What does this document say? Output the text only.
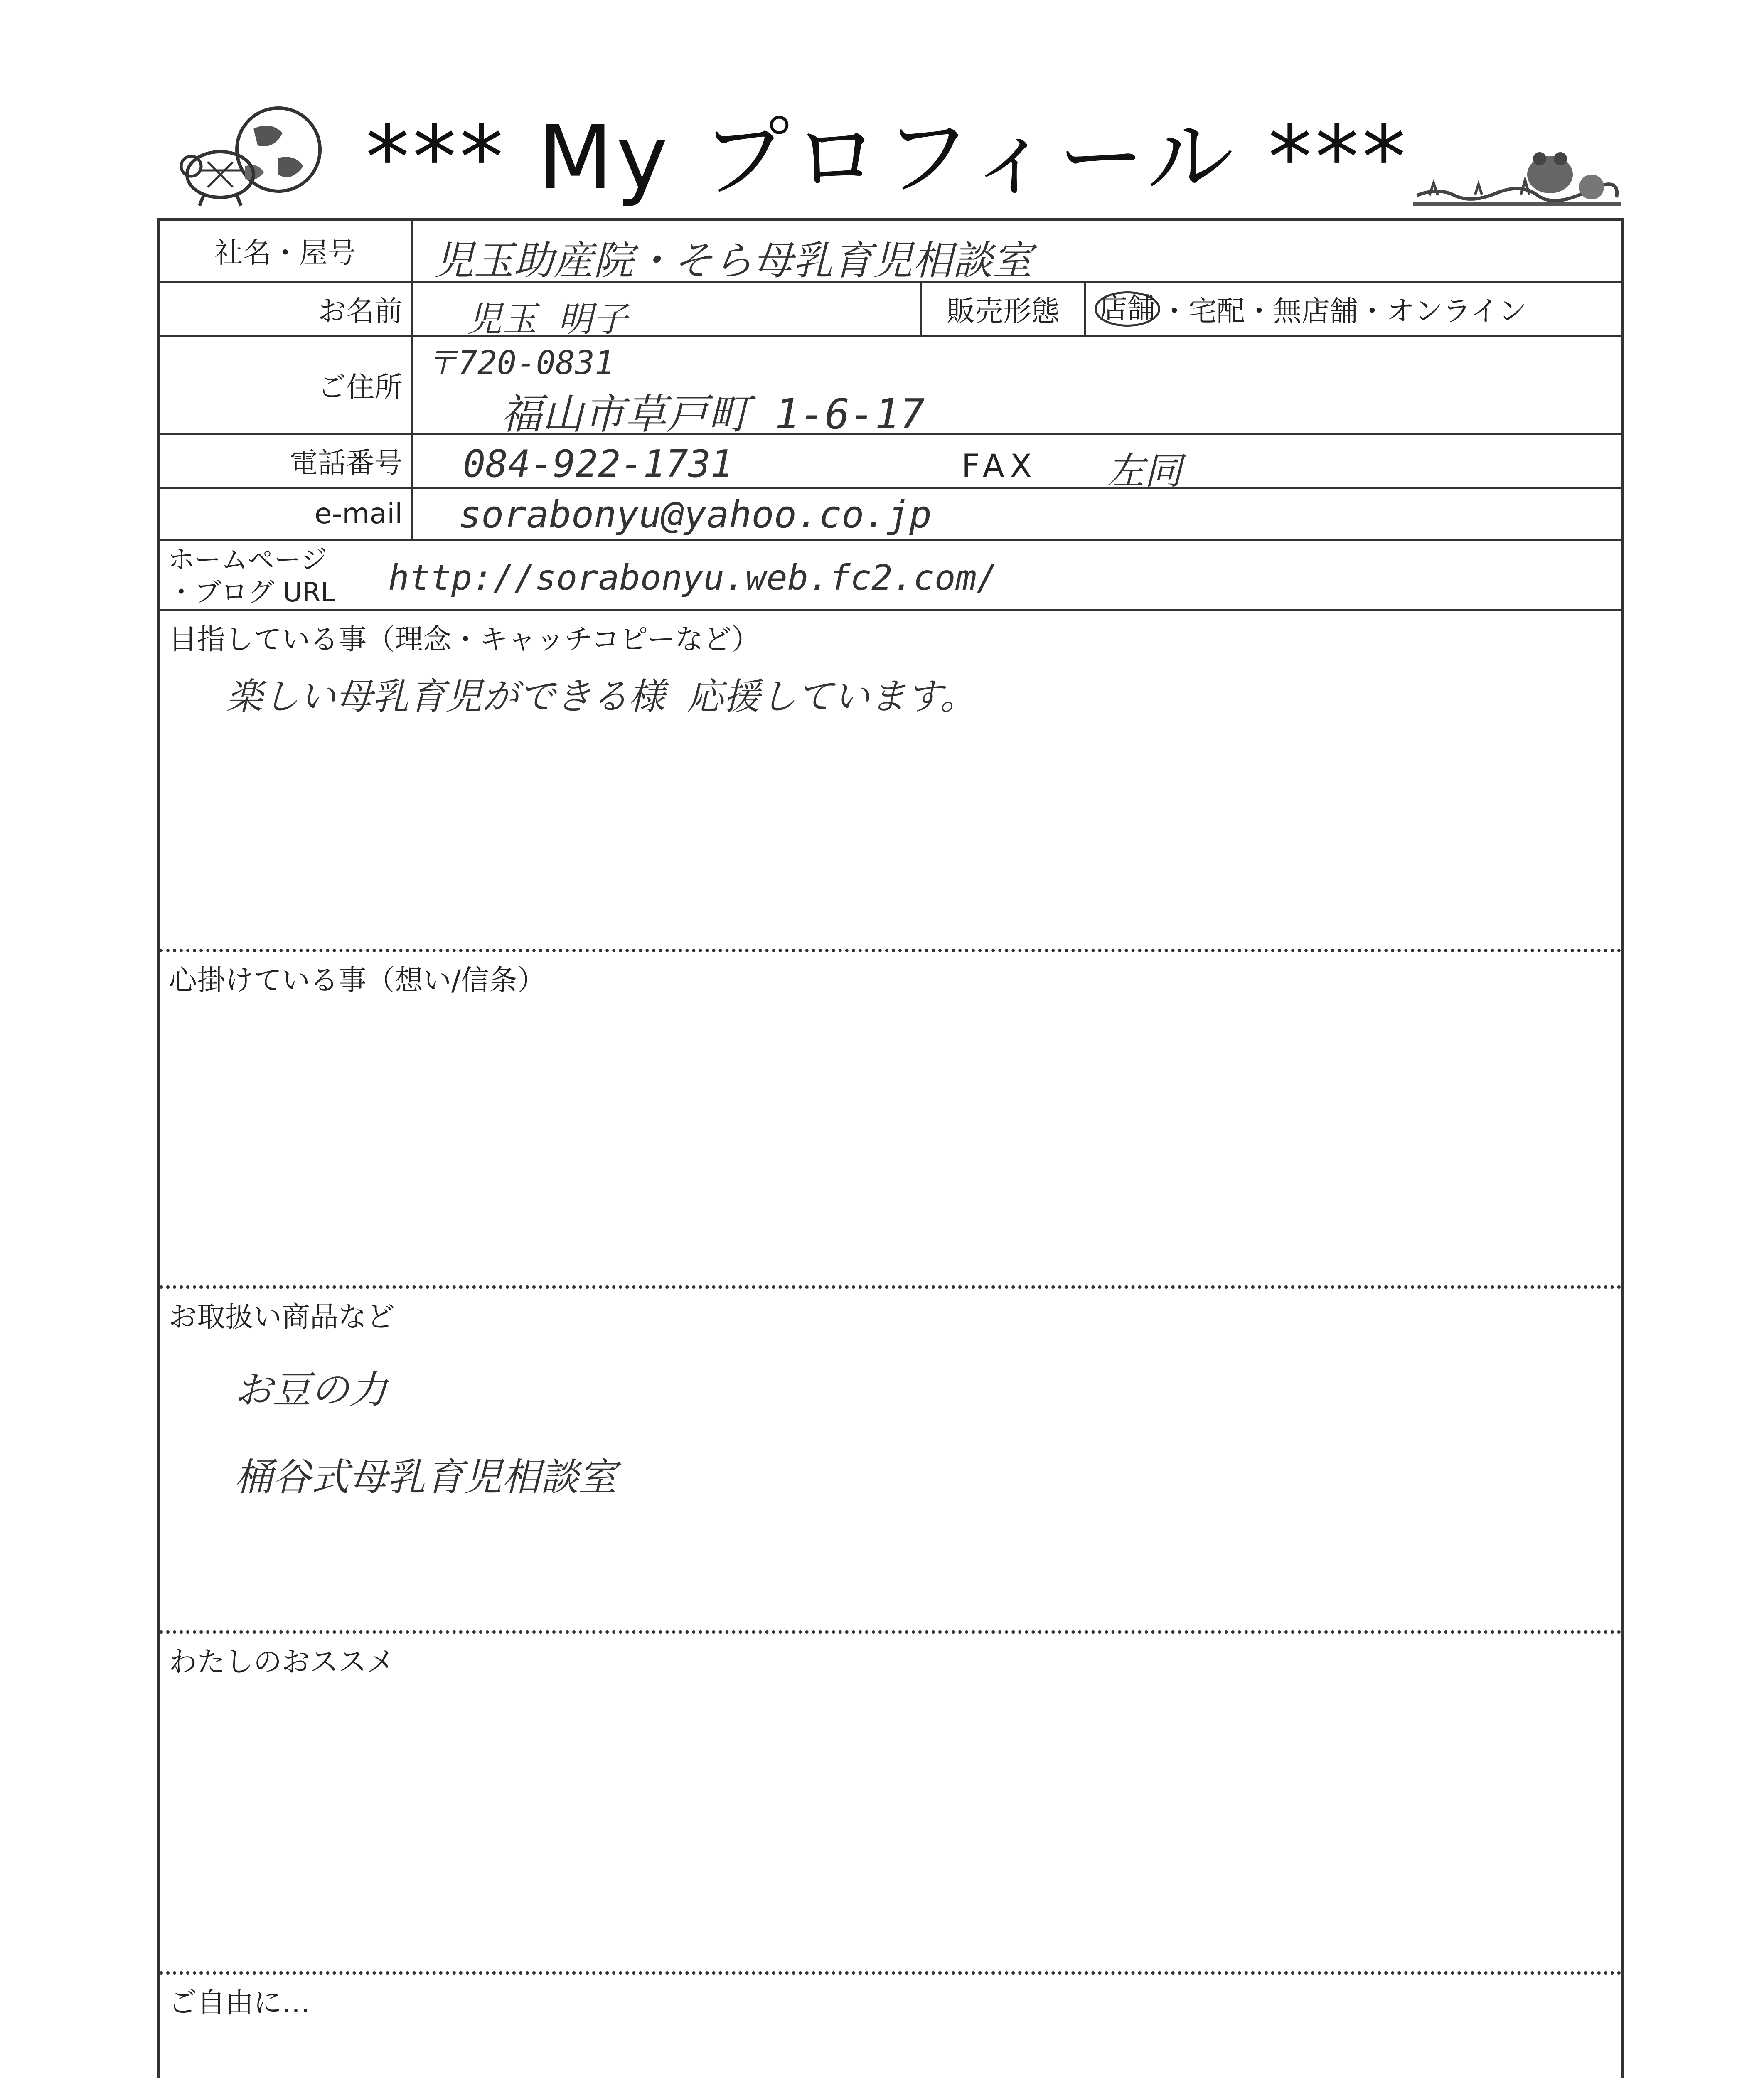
*** My プロフィール ***
社名・屋号	児玉助産院・そら母乳育児相談室
お名前 児玉 明子	販売形態	店舗 ・宅配・無店舗・オンライン
ご住所
〒720-0831
福山市草戸町 1-6-17
電話番号 084-922-1731	FAX 左同
e-mail sorabonyu@yahoo.co.jp
ホームページ
・ブログ URL http://sorabonyu.web.fc2.com/
目指している事（理念・キャッチコピーなど）
楽しい母乳育児ができる様 応援しています。
心掛けている事（想い/信条）
お取扱い商品など
お豆の力
桶谷式母乳育児相談室
わたしのおススメ
ご自由に…
